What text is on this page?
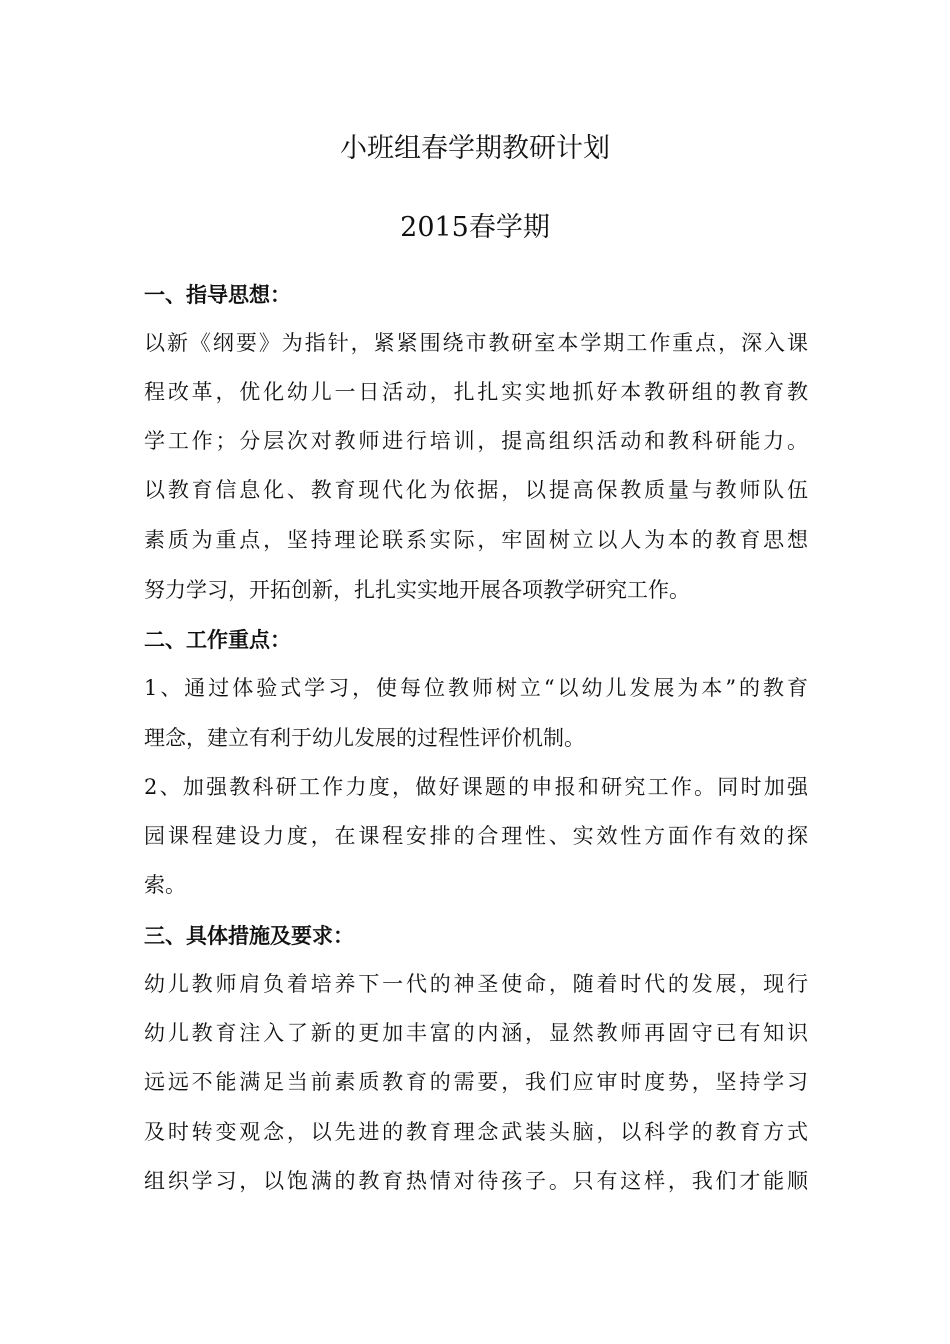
小班组春学期教研计划
2015春学期
一、指导思想：
以新《纲要》为指针，紧紧围绕市教研室本学期工作重点，深入课
程改革，优化幼儿一日活动，扎扎实实地抓好本教研组的教育教
学工作；分层次对教师进行培训，提高组织活动和教科研能力。
以教育信息化、教育现代化为依据，以提高保教质量与教师队伍
素质为重点，坚持理论联系实际，牢固树立以人为本的教育思想
努力学习，开拓创新，扎扎实实地开展各项教学研究工作。
二、工作重点：
1、通过体验式学习，使每位教师树立“以幼儿发展为本”的教育
理念，建立有利于幼儿发展的过程性评价机制。
2、加强教科研工作力度，做好课题的申报和研究工作。同时加强
园课程建设力度，在课程安排的合理性、实效性方面作有效的探
索。
三、具体措施及要求：
幼儿教师肩负着培养下一代的神圣使命，随着时代的发展，现行
幼儿教育注入了新的更加丰富的内涵，显然教师再固守已有知识
远远不能满足当前素质教育的需要，我们应审时度势，坚持学习
及时转变观念，以先进的教育理念武装头脑，以科学的教育方式
组织学习，以饱满的教育热情对待孩子。只有这样，我们才能顺
